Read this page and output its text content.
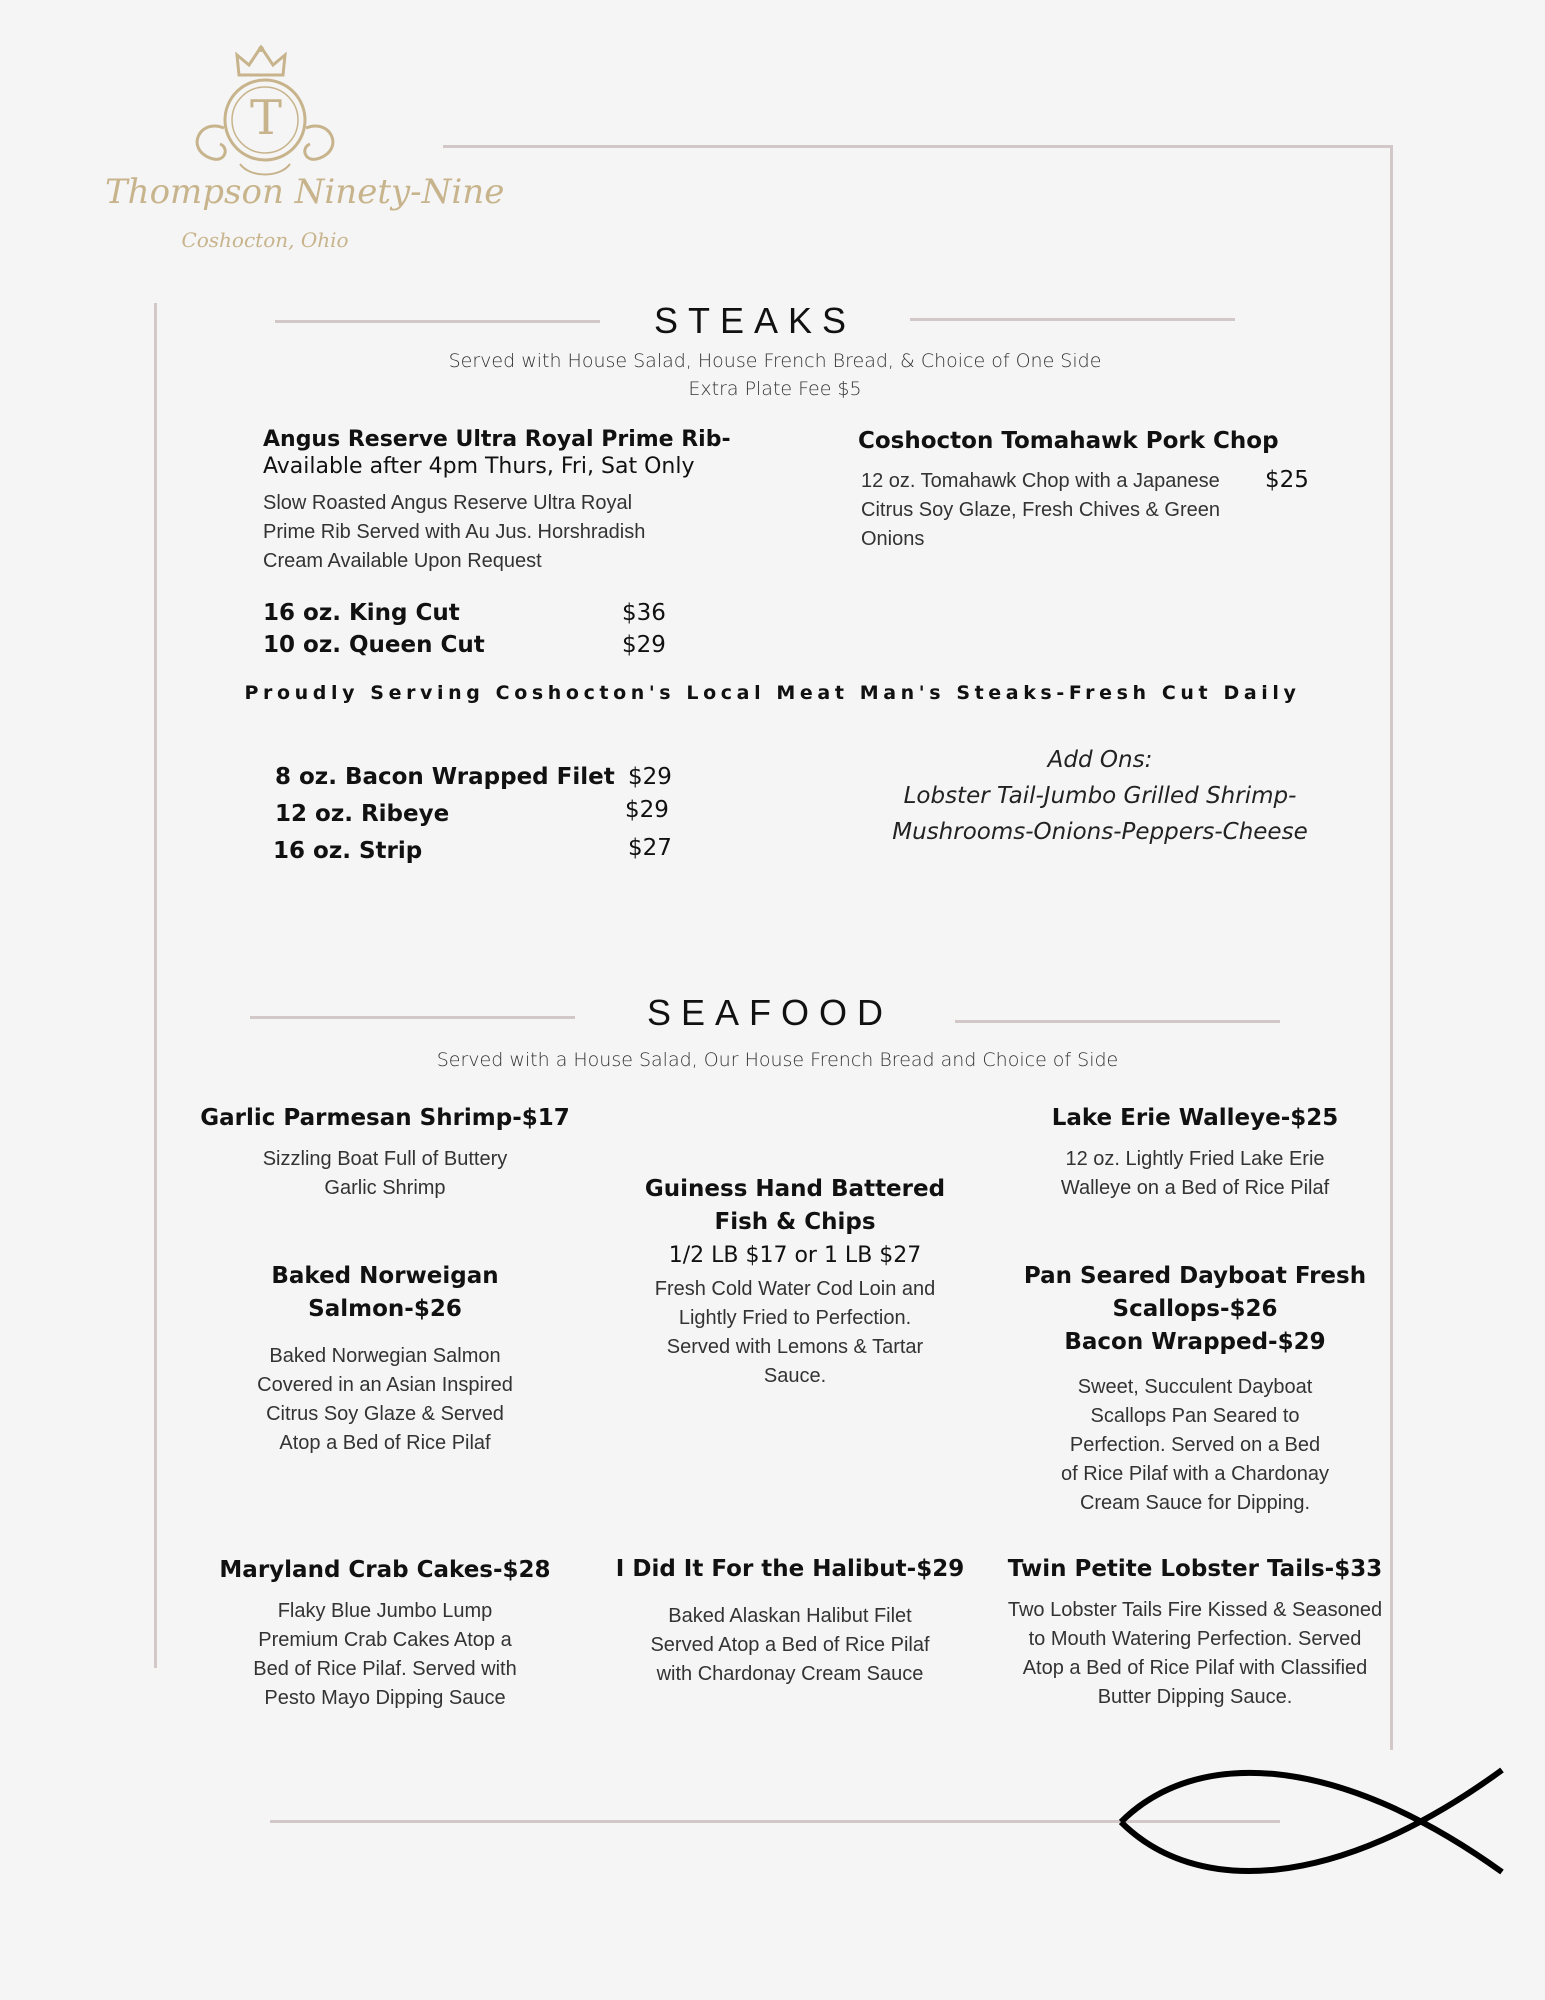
T
Thompson Ninety-Nine
Coshocton, Ohio
STEAKS
Served with House Salad, House French Bread, & Choice of One Side
Extra Plate Fee $5
Angus Reserve Ultra Royal Prime Rib-
Available after 4pm Thurs, Fri, Sat Only
Slow Roasted Angus Reserve Ultra Royal
Prime Rib Served with Au Jus. Horshradish
Cream Available Upon Request
16 oz. King Cut	$36
10 oz. Queen Cut	$29
Coshocton Tomahawk Pork Chop
12 oz. Tomahawk Chop with a Japanese
Citrus Soy Glaze, Fresh Chives & Green
Onions
$25
Proudly Serving Coshocton's Local Meat Man's Steaks-Fresh Cut Daily
8 oz. Bacon Wrapped Filet $29
12 oz. Ribeye	$29
16 oz. Strip	$27
Add Ons:
Lobster Tail-Jumbo Grilled Shrimp-
Mushrooms-Onions-Peppers-Cheese
SEAFOOD
Served with a House Salad, Our House French Bread and Choice of Side
Garlic Parmesan Shrimp-$17
Sizzling Boat Full of Buttery
Garlic Shrimp
Lake Erie Walleye-$25
12 oz. Lightly Fried Lake Erie
Walleye on a Bed of Rice Pilaf
Guiness Hand Battered
Fish & Chips
1/2 LB $17 or 1 LB $27
Fresh Cold Water Cod Loin and
Lightly Fried to Perfection.
Served with Lemons & Tartar
Sauce.
Baked Norweigan
Salmon-$26
Baked Norwegian Salmon
Covered in an Asian Inspired
Citrus Soy Glaze & Served
Atop a Bed of Rice Pilaf
Pan Seared Dayboat Fresh
Scallops-$26
Bacon Wrapped-$29
Sweet, Succulent Dayboat
Scallops Pan Seared to
Perfection. Served on a Bed
of Rice Pilaf with a Chardonay
Cream Sauce for Dipping.
Maryland Crab Cakes-$28
Flaky Blue Jumbo Lump
Premium Crab Cakes Atop a
Bed of Rice Pilaf. Served with
Pesto Mayo Dipping Sauce
I Did It For the Halibut-$29
Baked Alaskan Halibut Filet
Served Atop a Bed of Rice Pilaf
with Chardonay Cream Sauce
Twin Petite Lobster Tails-$33
Two Lobster Tails Fire Kissed & Seasoned
to Mouth Watering Perfection. Served
Atop a Bed of Rice Pilaf with Classified
Butter Dipping Sauce.
